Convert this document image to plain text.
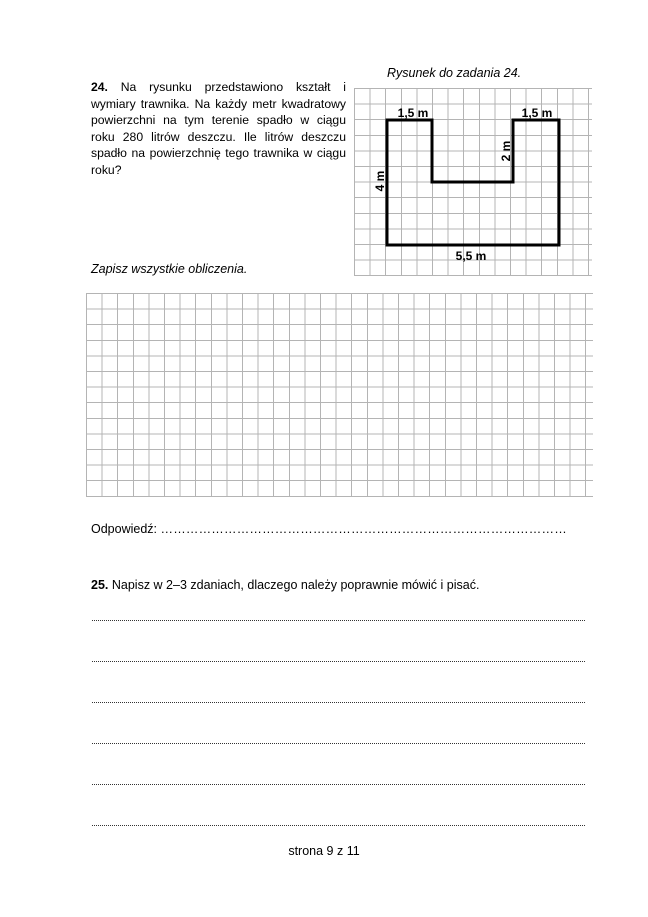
24. Na rysunku przedstawiono kształt i wymiary trawnika. Na każdy metr kwadratowy powierzchni na tym terenie spadło w ciągu roku 280 litrów deszczu. Ile litrów deszczu spadło na powierzchnię tego trawnika w ciągu roku?
Rysunek do zadania 24.
1,5 m	1,5 m
2 m
4 m
5,5 m
Zapisz wszystkie obliczenia.
Odpowiedź: ……………………………………………………………………………………
25. Napisz w 2–3 zdaniach, dlaczego należy poprawnie mówić i pisać.
strona 9 z 11
